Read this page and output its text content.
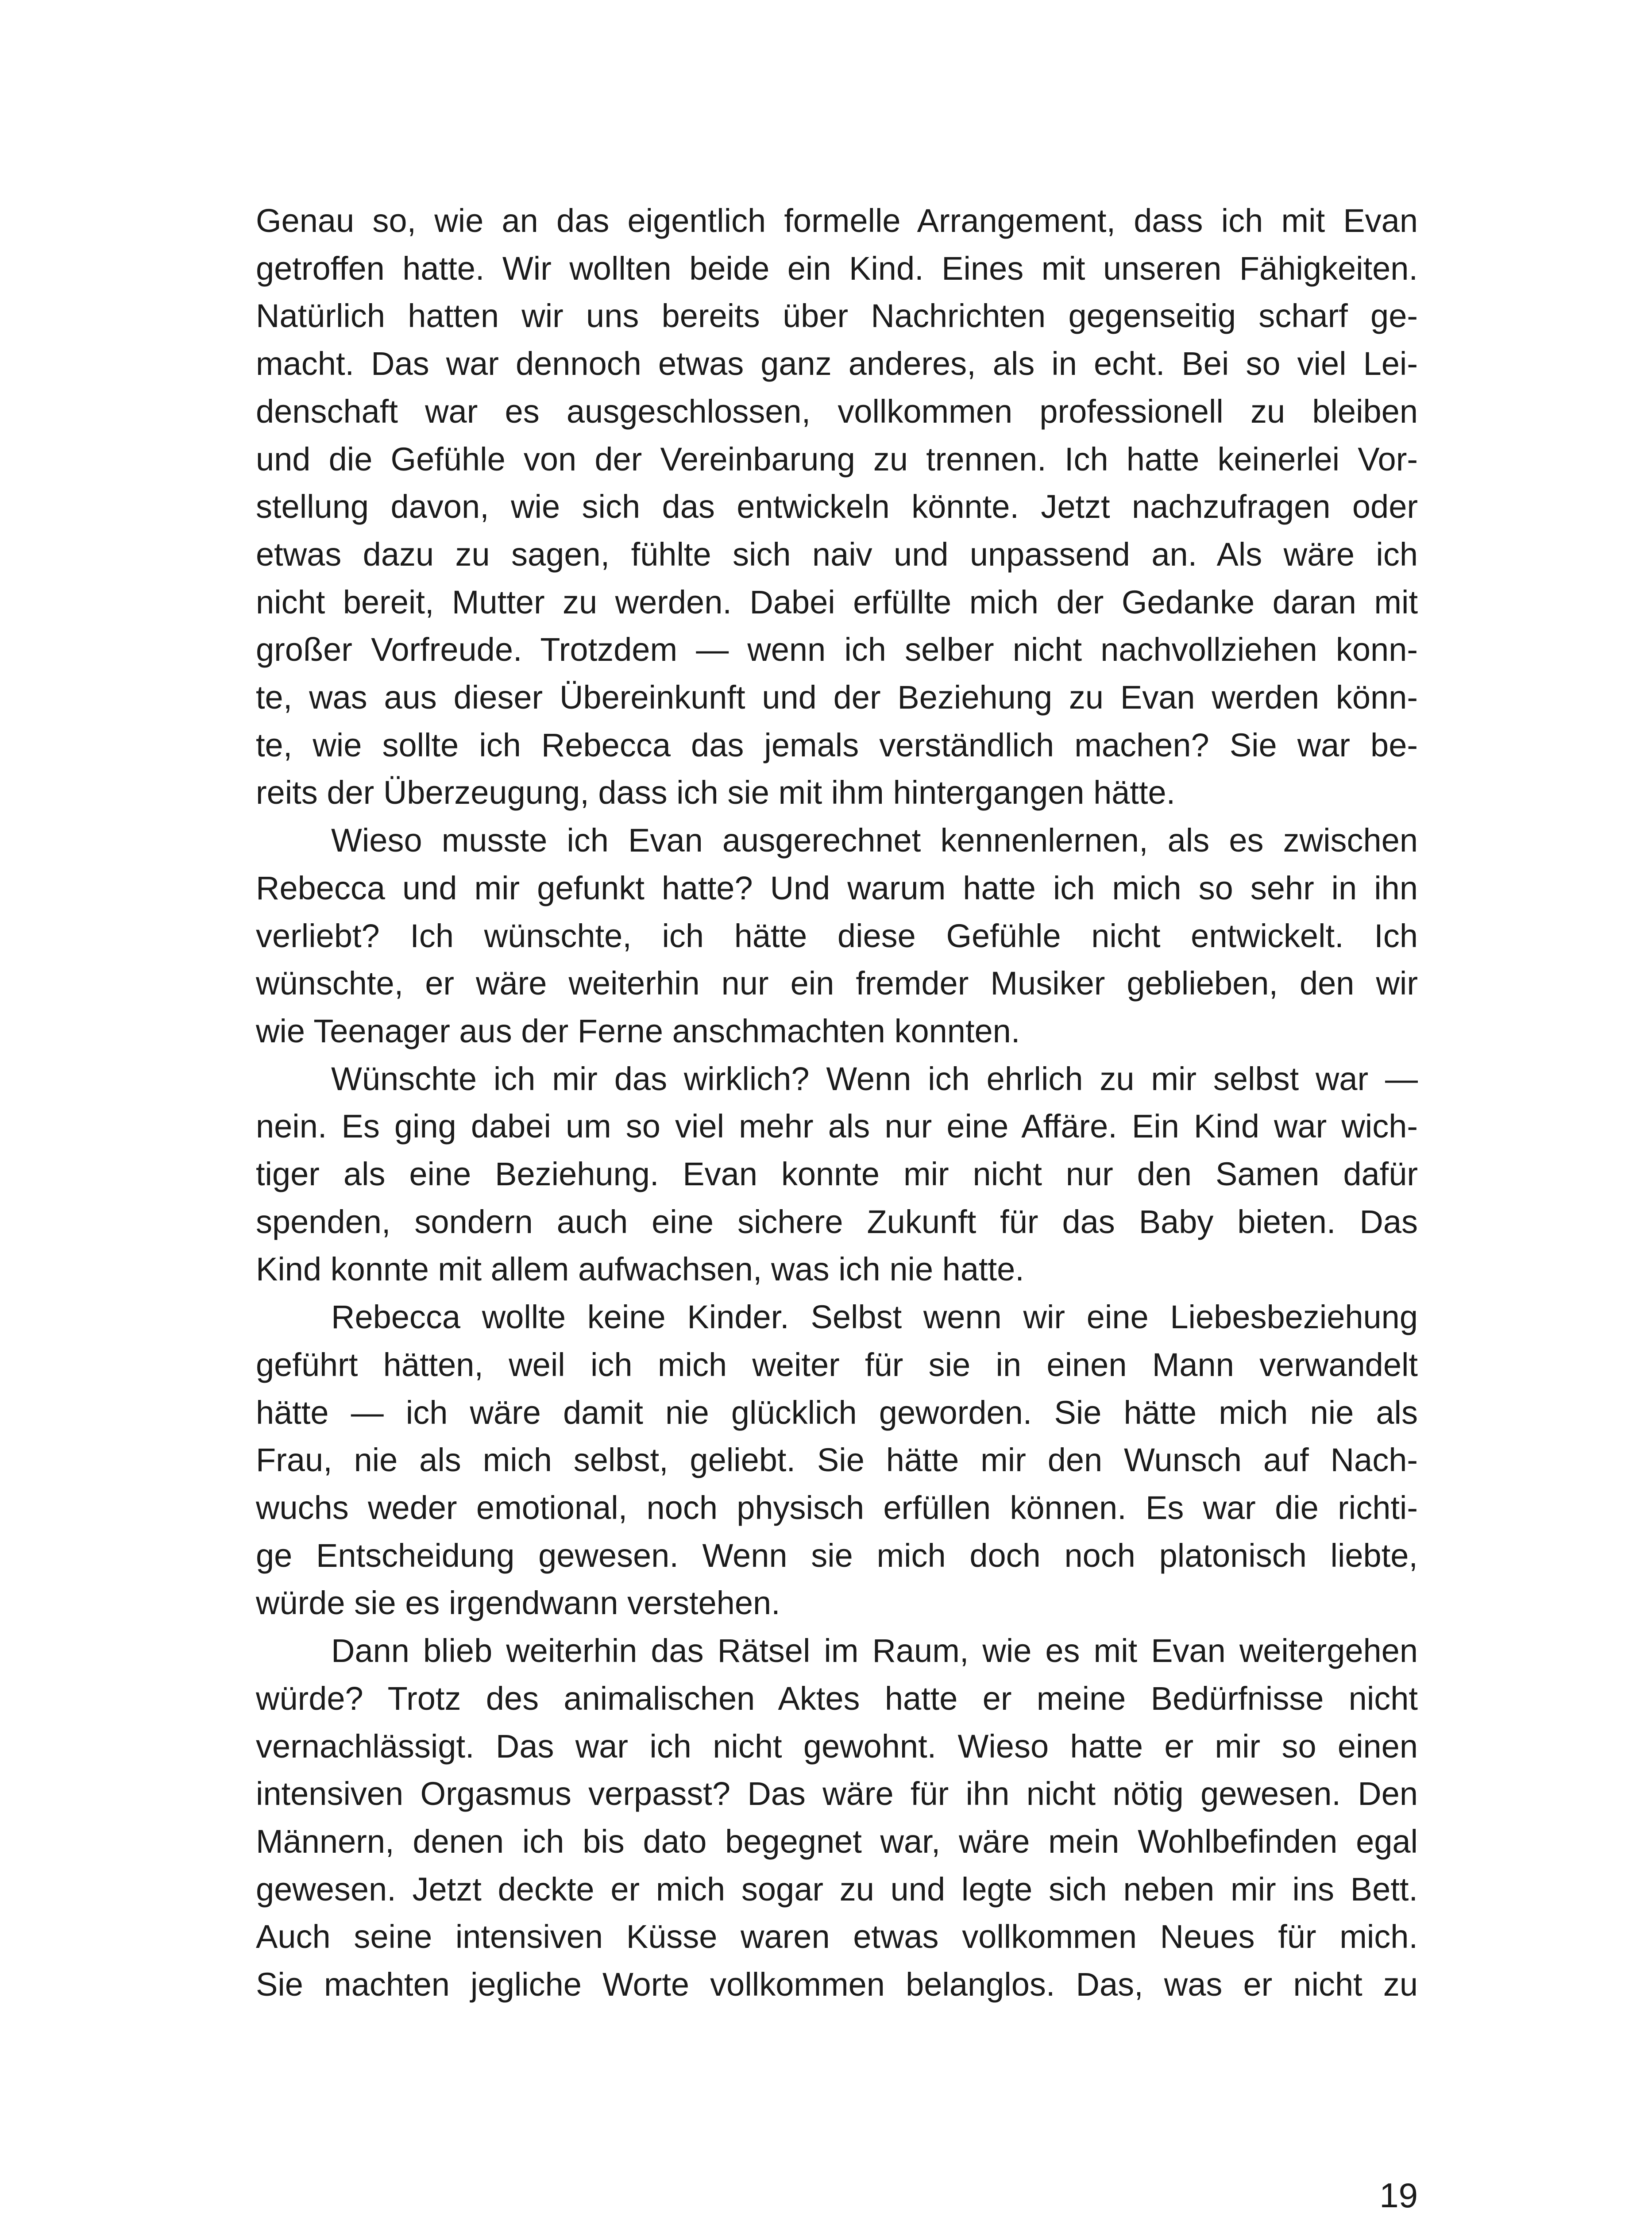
Genau so, wie an das eigentlich formelle Arrangement, dass ich mit Evan
getroffen hatte. Wir wollten beide ein Kind. Eines mit unseren Fähigkeiten.
Natürlich hatten wir uns bereits über Nachrichten gegenseitig scharf ge-
macht. Das war dennoch etwas ganz anderes, als in echt. Bei so viel Lei-
denschaft war es ausgeschlossen, vollkommen professionell zu bleiben
und die Gefühle von der Vereinbarung zu trennen. Ich hatte keinerlei Vor-
stellung davon, wie sich das entwickeln könnte. Jetzt nachzufragen oder
etwas dazu zu sagen, fühlte sich naiv und unpassend an. Als wäre ich
nicht bereit, Mutter zu werden. Dabei erfüllte mich der Gedanke daran mit
großer Vorfreude. Trotzdem — wenn ich selber nicht nachvollziehen konn-
te, was aus dieser Übereinkunft und der Beziehung zu Evan werden könn-
te, wie sollte ich Rebecca das jemals verständlich machen? Sie war be-
reits der Überzeugung, dass ich sie mit ihm hintergangen hätte.
Wieso musste ich Evan ausgerechnet kennenlernen, als es zwischen
Rebecca und mir gefunkt hatte? Und warum hatte ich mich so sehr in ihn
verliebt? Ich wünschte, ich hätte diese Gefühle nicht entwickelt. Ich
wünschte, er wäre weiterhin nur ein fremder Musiker geblieben, den wir
wie Teenager aus der Ferne anschmachten konnten.
Wünschte ich mir das wirklich? Wenn ich ehrlich zu mir selbst war —
nein. Es ging dabei um so viel mehr als nur eine Affäre. Ein Kind war wich-
tiger als eine Beziehung. Evan konnte mir nicht nur den Samen dafür
spenden, sondern auch eine sichere Zukunft für das Baby bieten. Das
Kind konnte mit allem aufwachsen, was ich nie hatte.
Rebecca wollte keine Kinder. Selbst wenn wir eine Liebesbeziehung
geführt hätten, weil ich mich weiter für sie in einen Mann verwandelt
hätte — ich wäre damit nie glücklich geworden. Sie hätte mich nie als
Frau, nie als mich selbst, geliebt. Sie hätte mir den Wunsch auf Nach-
wuchs weder emotional, noch physisch erfüllen können. Es war die richti-
ge Entscheidung gewesen. Wenn sie mich doch noch platonisch liebte,
würde sie es irgendwann verstehen.
Dann blieb weiterhin das Rätsel im Raum, wie es mit Evan weitergehen
würde? Trotz des animalischen Aktes hatte er meine Bedürfnisse nicht
vernachlässigt. Das war ich nicht gewohnt. Wieso hatte er mir so einen
intensiven Orgasmus verpasst? Das wäre für ihn nicht nötig gewesen. Den
Männern, denen ich bis dato begegnet war, wäre mein Wohlbefinden egal
gewesen. Jetzt deckte er mich sogar zu und legte sich neben mir ins Bett.
Auch seine intensiven Küsse waren etwas vollkommen Neues für mich.
Sie machten jegliche Worte vollkommen belanglos. Das, was er nicht zu
19
